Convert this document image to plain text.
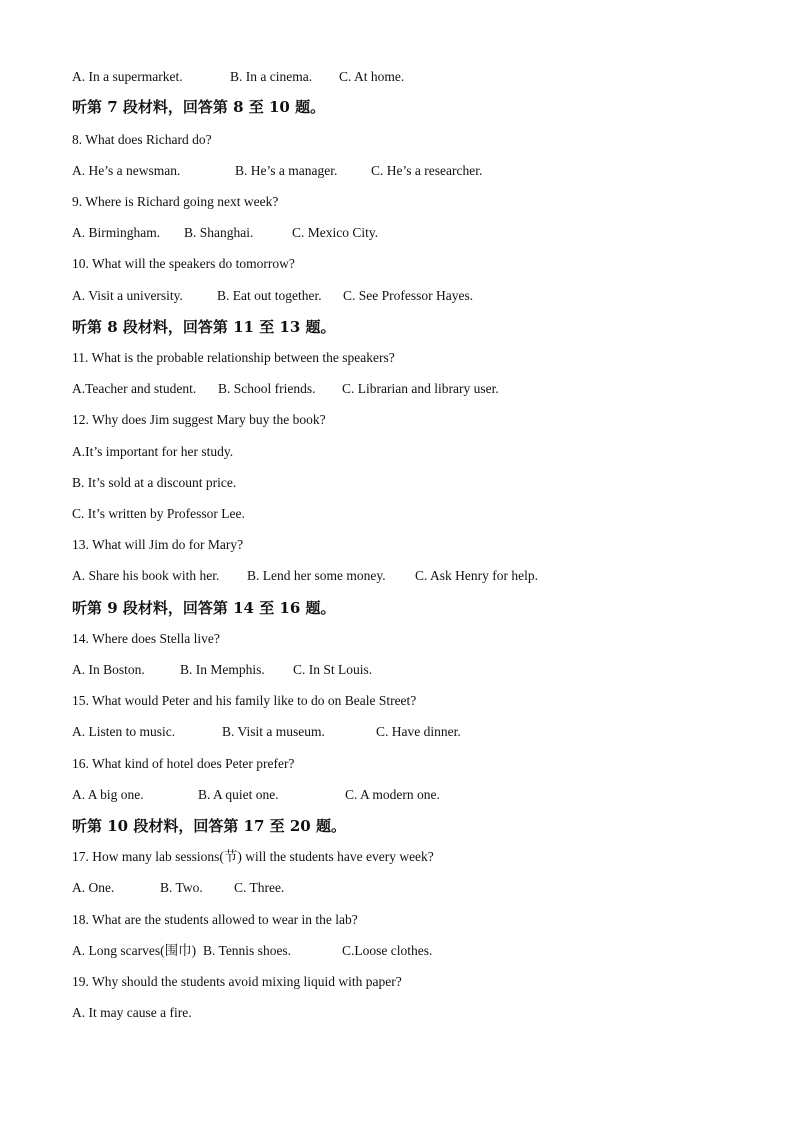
A. In a supermarket.	B. In a cinema. C. At home.
听第 7 段材料，回答第 8 至 10 题。
8. What does Richard do?
A. He’s a newsman.	B. He’s a manager. C. He’s a researcher.
9. Where is Richard going next week?
A. Birmingham. B. Shanghai.	C. Mexico City.
10. What will the speakers do tomorrow?
A. Visit a university.	B. Eat out together. C. See Professor Hayes.
听第 8 段材料，回答第 11 至 13 题。
11. What is the probable relationship between the speakers?
A.Teacher and student. B. School friends. C. Librarian and library user.
12. Why does Jim suggest Mary buy the book?
A.It’s important for her study.
B. It’s sold at a discount price.
C. It’s written by Professor Lee.
13. What will Jim do for Mary?
A. Share his book with her. B. Lend her some money. C. Ask Henry for help.
听第 9 段材料，回答第 14 至 16 题。
14. Where does Stella live?
A. In Boston.	B. In Memphis. C. In St Louis.
15. What would Peter and his family like to do on Beale Street?
A. Listen to music.	B. Visit a museum.	C. Have dinner.
16. What kind of hotel does Peter prefer?
A. A big one.	B. A quiet one.	C. A modern one.
听第 10 段材料，回答第 17 至 20 题。
17. How many lab sessions(节) will the students have every week?
A. One.	B. Two. C. Three.
18. What are the students allowed to wear in the lab?
A. Long scarves(围巾) B. Tennis shoes.	C.Loose clothes.
19. Why should the students avoid mixing liquid with paper?
A. It may cause a fire.
